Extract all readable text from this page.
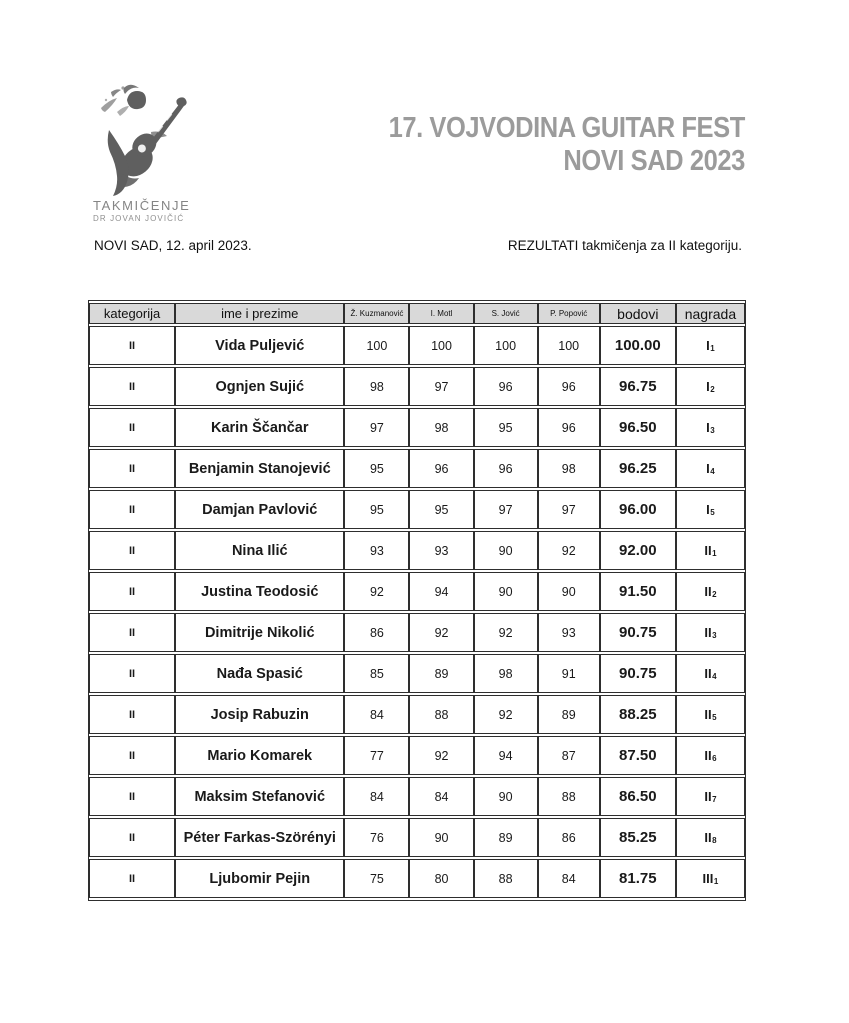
TAKMIČENJE
DR JOVAN JOVIČIĆ
17. VOJVODINA GUITAR FEST
NOVI SAD 2023
NOVI SAD, 12. april 2023.	REZULTATI takmičenja za II kategoriju.
kategorija	ime i prezime	Ž. Kuzmanović	I. Motl	S. Jović	P. Popović	bodovi	nagrada
II	Vida Puljević	100	100	100	100	100.00	I1
II	Ognjen Sujić	98	97	96	96	96.75	I2
II	Karin Ščančar	97	98	95	96	96.50	I3
II	Benjamin Stanojević	95	96	96	98	96.25	I4
II	Damjan Pavlović	95	95	97	97	96.00	I5
II	Nina Ilić	93	93	90	92	92.00	II1
II	Justina Teodosić	92	94	90	90	91.50	II2
II	Dimitrije Nikolić	86	92	92	93	90.75	II3
II	Nađa Spasić	85	89	98	91	90.75	II4
II	Josip Rabuzin	84	88	92	89	88.25	II5
II	Mario Komarek	77	92	94	87	87.50	II6
II	Maksim Stefanović	84	84	90	88	86.50	II7
II	Péter Farkas-Szörényi	76	90	89	86	85.25	II8
II	Ljubomir Pejin	75	80	88	84	81.75	III1
